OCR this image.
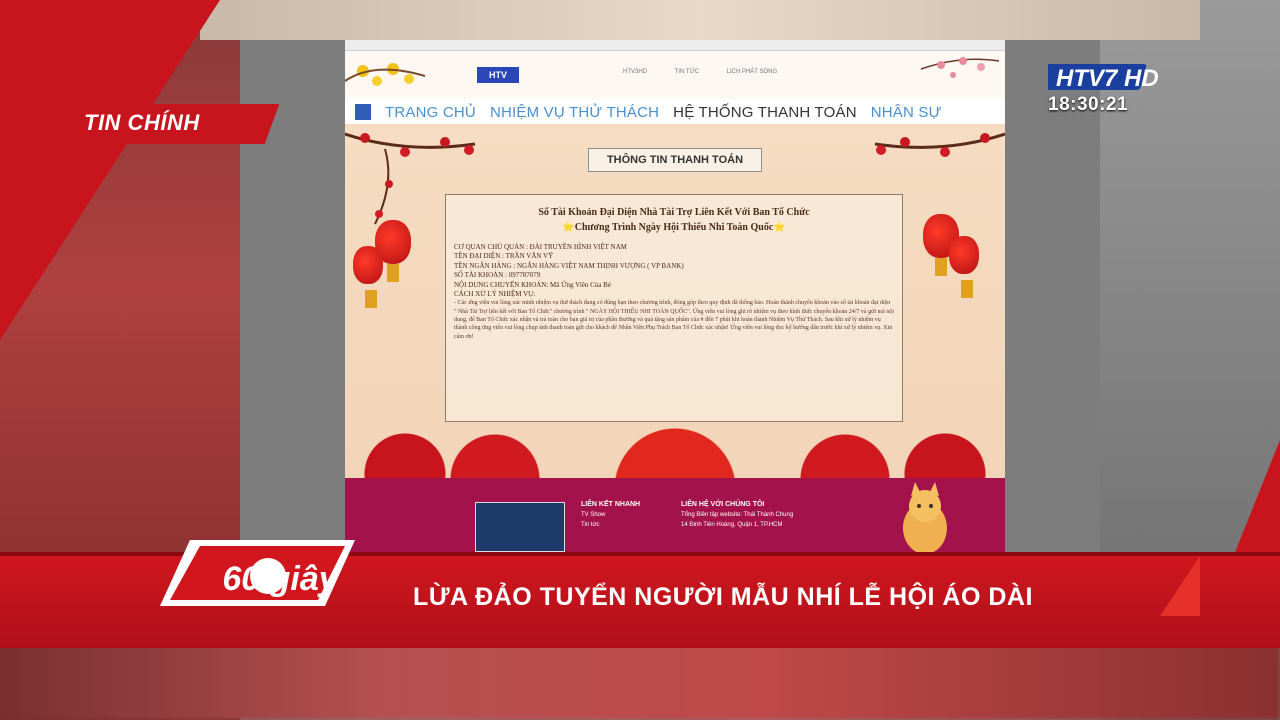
HTV	HTV3HD	TIN TỨC	LỊCH PHÁT SÓNG
TRANG CHỦ NHIỆM VỤ THỬ THÁCH HỆ THỐNG THANH TOÁN NHÂN SỰ
THÔNG TIN THANH TOÁN
Số Tài Khoản Đại Diện Nhà Tài Trợ Liên Kết Với Ban Tổ Chức
⭐Chương Trình Ngày Hội Thiếu Nhi Toàn Quốc⭐
CƠ QUAN CHỦ QUẢN : ĐÀI TRUYỀN HÌNH VIỆT NAM
TÊN ĐẠI DIỆN : TRẦN VĂN VỸ
TÊN NGÂN HÀNG : NGÂN HÀNG VIỆT NAM THỊNH VƯỢNG ( VP BANK)
SỐ TÀI KHOẢN : 097787079
NỘI DUNG CHUYỂN KHOẢN: Mã Ứng Viên Của Bé
CÁCH XỬ LÝ NHIỆM VỤ:
- Các ứng viên vui lòng xác minh nhiệm vụ thử thách đang có đúng hạn theo chương trình, đóng góp theo quy định đã thông báo. Hoàn thành chuyển khoản vào số tài khoản đại diện " Nhà Tài Trợ liên kết với Ban Tổ Chức" chương trình " NGÀY HỘI THIẾU NHI TOÀN QUỐC". Ứng viên vui lòng ghi rõ nhiệm vụ theo hình thức chuyển khoản 24/7 và gửi mã nội dung, để Ban Tổ Chức xác nhận và trả toàn cho bạn giá trị của phần thưởng và quà tặng sản phẩm của # đến 7 phút khi hoàn thành Nhiệm Vụ Thử Thách. Sau khi xử lý nhiệm vụ thành công ứng viên vui lòng chụp ảnh thanh toán gửi cho khách để Nhân Viên Phụ Trách Ban Tổ Chức xác nhận! Ứng viên vui lòng đọc kỹ hướng dẫn trước khi xử lý nhiệm vụ. Xin cảm ơn!
LIÊN KẾT NHANH
TV Show
Tin tức
LIÊN HỆ VỚI CHÚNG TÔI
Tổng Biên tập website: Thái Thành Chung
14 Đinh Tiên Hoàng, Quận 1, TP.HCM
HTV7 HD
18:30:21
TIN CHÍNH
60 giây	LỪA ĐẢO TUYỂN NGƯỜI MẪU NHÍ LỄ HỘI ÁO DÀI
